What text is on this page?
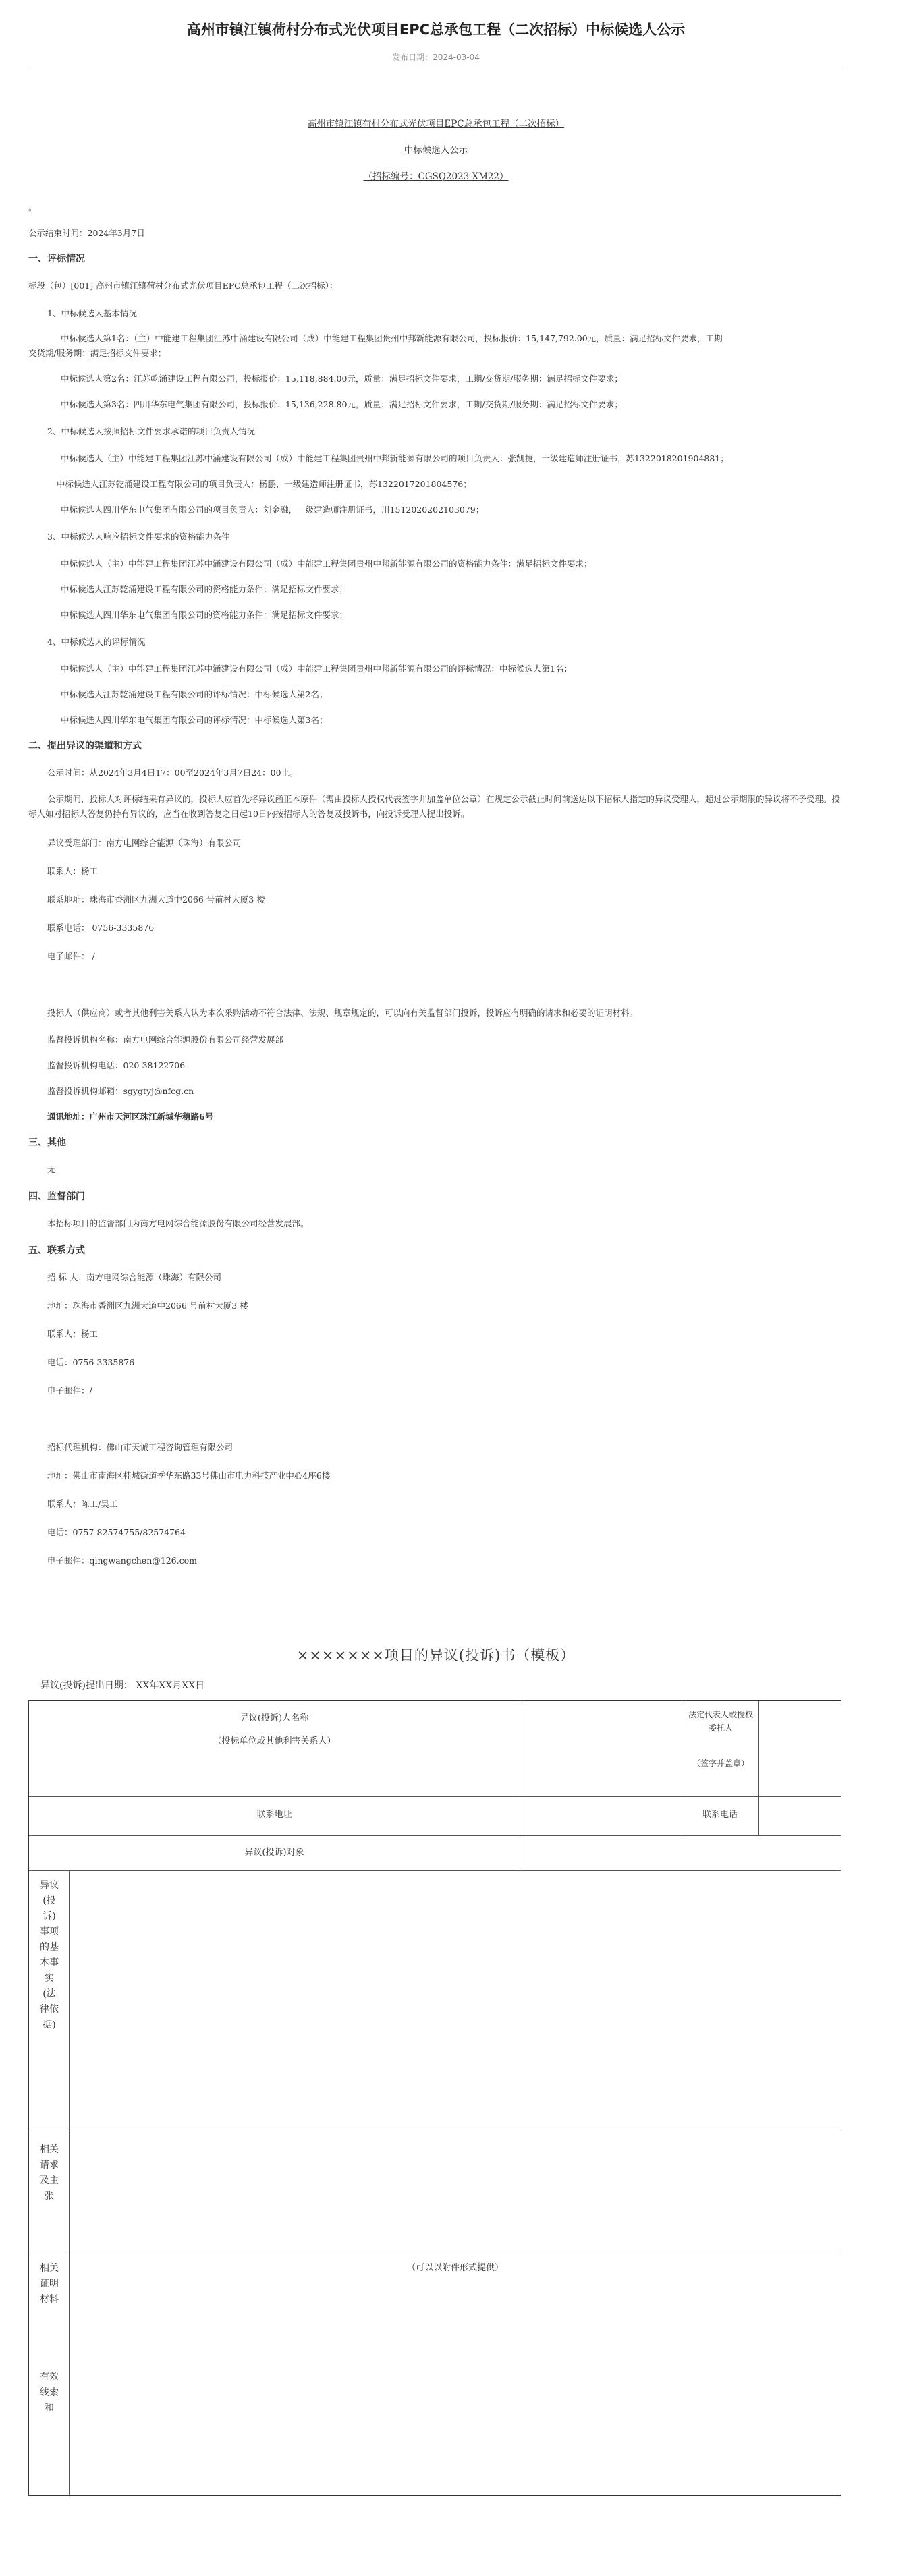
高州市镇江镇荷村分布式光伏项目EPC总承包工程（二次招标）中标候选人公示
发布日期：2024-03-04
高州市镇江镇荷村分布式光伏项目EPC总承包工程（二次招标）
中标候选人公示
（招标编号：CGSQ2023-XM22）
。
公示结束时间：2024年3月7日
一、评标情况
标段（包）[001] 高州市镇江镇荷村分布式光伏项目EPC总承包工程（二次招标）：
1、中标候选人基本情况
中标候选人第1名：（主）中能建工程集团江苏中涌建设有限公司（成）中能建工程集团贵州中邦新能源有限公司，投标报价：15,147,792.00元，质量：满足招标文件要求，工期
交货期/服务期：满足招标文件要求；
中标候选人第2名：江苏乾涌建设工程有限公司，投标报价：15,118,884.00元，质量：满足招标文件要求，工期/交货期/服务期：满足招标文件要求；
中标候选人第3名：四川华东电气集团有限公司，投标报价：15,136,228.80元，质量：满足招标文件要求，工期/交货期/服务期：满足招标文件要求；
2、中标候选人按照招标文件要求承诺的项目负责人情况
中标候选人（主）中能建工程集团江苏中涌建设有限公司（成）中能建工程集团贵州中邦新能源有限公司的项目负责人：张凯捷，一级建造师注册证书，苏1322018201904881；
中标候选人江苏乾涌建设工程有限公司的项目负责人：杨鹏，一级建造师注册证书，苏1322017201804576；
中标候选人四川华东电气集团有限公司的项目负责人：刘金融，一级建造师注册证书，川1512020202103079；
3、中标候选人响应招标文件要求的资格能力条件
中标候选人（主）中能建工程集团江苏中涌建设有限公司（成）中能建工程集团贵州中邦新能源有限公司的资格能力条件：满足招标文件要求；
中标候选人江苏乾涌建设工程有限公司的资格能力条件：满足招标文件要求；
中标候选人四川华东电气集团有限公司的资格能力条件：满足招标文件要求；
4、中标候选人的评标情况
中标候选人（主）中能建工程集团江苏中涌建设有限公司（成）中能建工程集团贵州中邦新能源有限公司的评标情况：中标候选人第1名；
中标候选人江苏乾涌建设工程有限公司的评标情况：中标候选人第2名；
中标候选人四川华东电气集团有限公司的评标情况：中标候选人第3名；
二、提出异议的渠道和方式
公示时间：从2024年3月4日17：00至2024年3月7日24：00止。
公示期间，投标人对评标结果有异议的，投标人应首先将异议函正本原件（需由投标人授权代表签字并加盖单位公章）在规定公示截止时间前送达以下招标人指定的异议受理人，超过公示期限的异议将不予受理。投标人如对招标人答复仍持有异议的，应当在收到答复之日起10日内按招标人的答复及投诉书，向投诉受理人提出投诉。
异议受理部门：南方电网综合能源（珠海）有限公司
联系人：杨工
联系地址：珠海市香洲区九洲大道中2066 号前村大厦3 楼
联系电话： 0756-3335876
电子邮件： /
投标人（供应商）或者其他利害关系人认为本次采购活动不符合法律、法规、规章规定的，可以向有关监督部门投诉，投诉应有明确的请求和必要的证明材料。
监督投诉机构名称：南方电网综合能源股份有限公司经营发展部
监督投诉机构电话：020-38122706
监督投诉机构邮箱：sgygtyj@nfcg.cn
通讯地址：广州市天河区珠江新城华穗路6号
三、其他
无
四、监督部门
本招标项目的监督部门为南方电网综合能源股份有限公司经营发展部。
五、联系方式
招 标 人：南方电网综合能源（珠海）有限公司
地址：珠海市香洲区九洲大道中2066 号前村大厦3 楼
联系人：杨工
电话：0756-3335876
电子邮件：/
招标代理机构：佛山市天诚工程咨询管理有限公司
地址：佛山市南海区桂城街道季华东路33号佛山市电力科技产业中心4座6楼
联系人：陈工/吴工
电话：0757-82574755/82574764
电子邮件：qingwangchen@126.com
×××××××项目的异议(投诉)书（模板）
异议(投诉)提出日期： XX年XX月XX日
异议(投诉)人名称
（投标单位或其他利害关系人）
法定代表人或授权委托人
（签字并盖章）
联系地址	联系电话
异议(投诉)对象
异议(投诉)事项的基本事实(法律依据)
相关请求及主张
相关证明材料
有效线索和
（可以以附件形式提供）
